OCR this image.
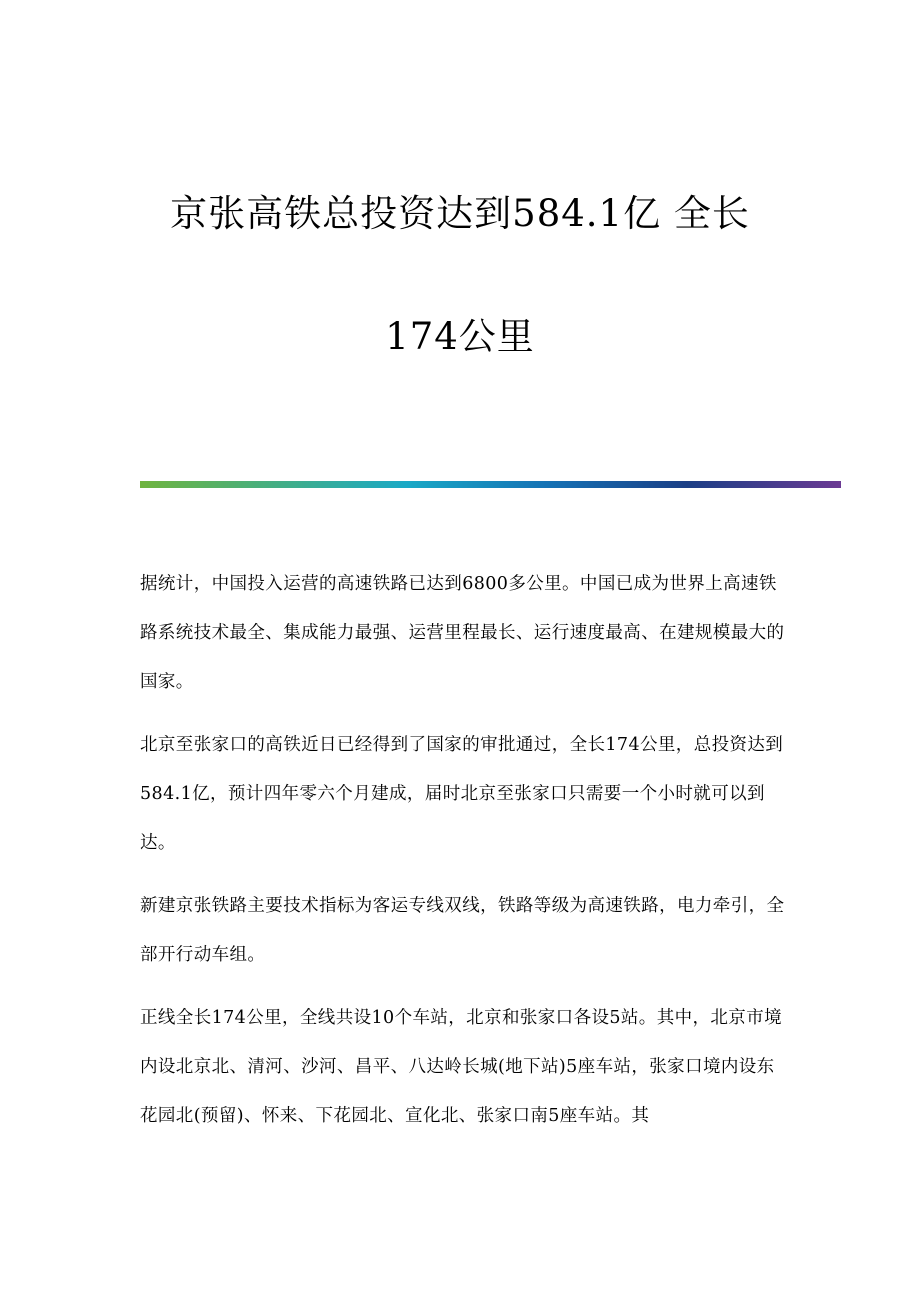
京张高铁总投资达到584.1亿 全长
174公里

据统计，中国投入运营的高速铁路已达到6800多公里。中国已成为世界上高速铁路系统技术最全、集成能力最强、运营里程最长、运行速度最高、在建规模最大的国家。

北京至张家口的高铁近日已经得到了国家的审批通过，全长174公里，总投资达到584.1亿，预计四年零六个月建成，届时北京至张家口只需要一个小时就可以到达。

新建京张铁路主要技术指标为客运专线双线，铁路等级为高速铁路，电力牵引，全部开行动车组。

正线全长174公里，全线共设10个车站，北京和张家口各设5站。其中，北京市境内设北京北、清河、沙河、昌平、八达岭长城(地下站)5座车站，张家口境内设东花园北(预留)、怀来、下花园北、宣化北、张家口南5座车站。其
